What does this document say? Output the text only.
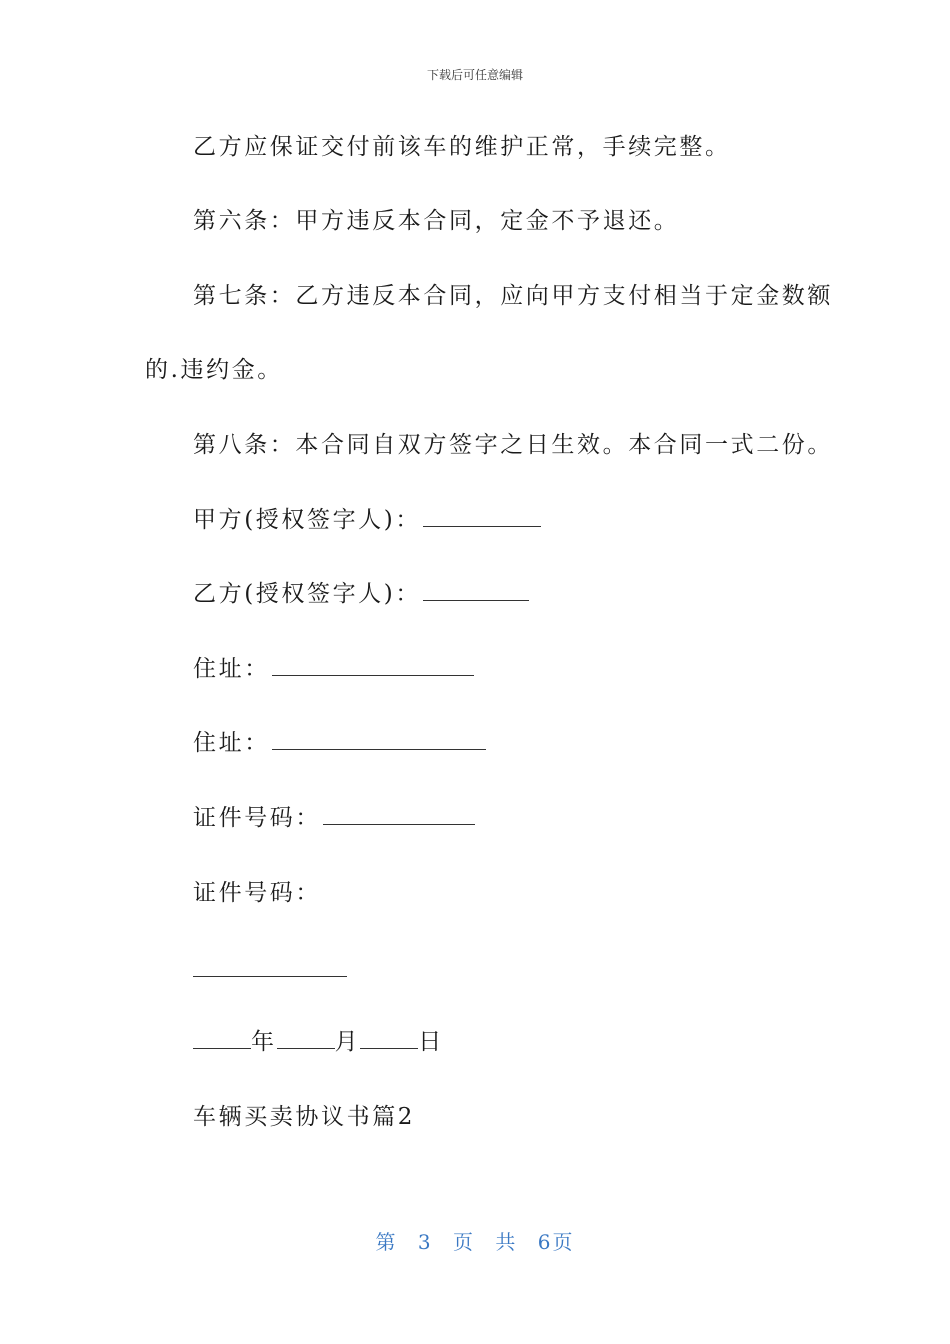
下载后可任意编辑
乙方应保证交付前该车的维护正常，手续完整。
第六条：甲方违反本合同，定金不予退还。
第七条：乙方违反本合同，应向甲方支付相当于定金数额
的.违约金。
第八条：本合同自双方签字之日生效。本合同一式二份。
甲方(授权签字人)：
乙方(授权签字人)：
住址：
住址：
证件号码：
证件号码：
年	月	日
车辆买卖协议书篇2
第 3 页 共 6页
